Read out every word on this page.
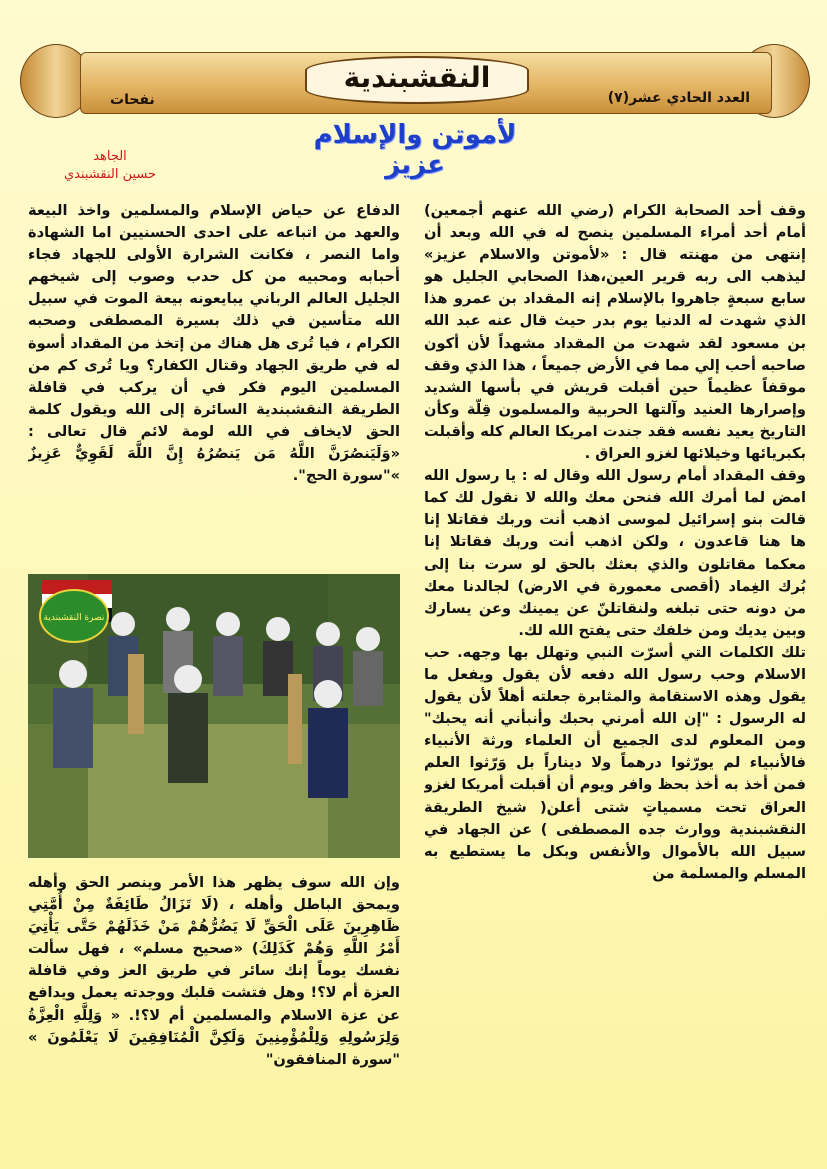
النقشبندية
العدد الحادي عشر(٧)
نفحات
لأموتن والإسلام عزيز
الجاهد
حسين النقشبندي

وقف أحد الصحابة الكرام (رضي الله عنهم أجمعين) أمام أحد أمراء المسلمين ينصح له في الله وبعد أن إنتهى من مهنته قال : «لأموتن والاسلام عزيز» ليذهب الى ربه قرير العين،هذا الصحابي الجليل هو سابع سبعةٍ جاهروا بالإسلام إنه المقداد بن عمرو هذا الذي شهدت له الدنيا يوم بدر حيث قال عنه عبد الله بن مسعود لقد شهدت من المقداد مشهداً لأن أكون صاحبه أحب إلي مما في الأرض جميعاً ، هذا الذي وقف موقفاً عظيماً حين أقبلت قريش في بأسها الشديد وإصرارها العنيد وآلتها الحربية والمسلمون قِلّة وكأن التاريخ يعيد نفسه فقد جندت امريكا العالم كله وأقبلت بكبريائها وخيلائها لغزو العراق .

وقف المقداد أمام رسول الله وقال له : يا رسول الله امض لما أمرك الله فنحن معك والله لا نقول لك كما قالت بنو إسرائيل لموسى اذهب أنت وربك فقاتلا إنا ها هنا قاعدون ، ولكن اذهب أنت وربك فقاتلا إنا معكما مقاتلون والذي بعثك بالحق لو سرت بنا إلى بُرك الغِماد (أقصى معمورة في الارض) لجالدنا معك من دونه حتى تبلغه ولنقاتلنّ عن يمينك وعن يسارك وبين يديك ومن خلفك حتى يفتح الله لك.

تلك الكلمات التي أسرّت النبي وتهلل بها وجهه. حب الاسلام وحب رسول الله دفعه لأن يقول ويفعل ما يقول وهذه الاستقامة والمثابرة جعلته أهلاً لأن يقول له الرسول : "إن الله أمرني بحبك وأنبأني أنه يحبك" ومن المعلوم لدى الجميع أن العلماء ورثة الأنبياء فالأنبياء لم يورّثوا درهماً ولا ديناراً بل وَرّثوا العلم فمن أخذ به أخذ بحظ وافر ويوم أن أقبلت أمريكا لغزو العراق تحت مسمياتٍ شتى أعلن( شيخ الطريقة النقشبندية ووارث جده المصطفى ) عن الجهاد في سبيل الله بالأموال والأنفس وبكل ما يستطيع به المسلم والمسلمة من

الدفاع عن حياض الإسلام والمسلمين واخذ البيعة والعهد من اتباعه على احدى الحسنيين اما الشهادة واما النصر ، فكانت الشرارة الأولى للجهاد فجاء أحبابه ومحبيه من كل حدب وصوب إلى شيخهم الجليل العالم الرباني يبايعونه بيعة الموت في سبيل الله متأسين في ذلك بسيرة المصطفى وصحبه الكرام ، فيا تُرى هل هناك من إتخذ من المقداد أسوة له في طريق الجهاد وقتال الكفار؟ ويا تُرى كم من المسلمين اليوم فكر في أن يركب في قافلة الطريقة النقشبندية السائرة إلى الله ويقول كلمة الحق لايخاف في الله لومة لائم قال تعالى : «وَلَيَنصُرَنَّ اللَّهُ مَن يَنصُرُهُ إِنَّ اللَّهَ لَقَوِيٌّ عَزِيزٌ »"سورة الحج".

نصرة النقشبندية

وإن الله سوف يظهر هذا الأمر وينصر الحق وأهله ويمحق الباطل وأهله ، (لَا تَزَالُ طَائِفَةٌ مِنْ أُمَّتِي ظَاهِرِينَ عَلَى الْحَقِّ لَا يَضُرُّهُمْ مَنْ خَذَلَهُمْ حَتَّى يَأْتِيَ أَمْرُ اللَّهِ وَهُمْ كَذَلِكَ) «صحيح مسلم» ، فهل سألت نفسك يوماً إنك سائر في طريق العز وفي قافلة العزة أم لا؟! وهل فتشت قلبك ووجدته يعمل ويدافع عن عزة الاسلام والمسلمين أم لا؟!. « وَلِلَّهِ الْعِزَّةُ وَلِرَسُولِهِ وَلِلْمُؤْمِنِينَ وَلَكِنَّ الْمُنَافِقِينَ لَا يَعْلَمُونَ » "سورة المنافقون"
